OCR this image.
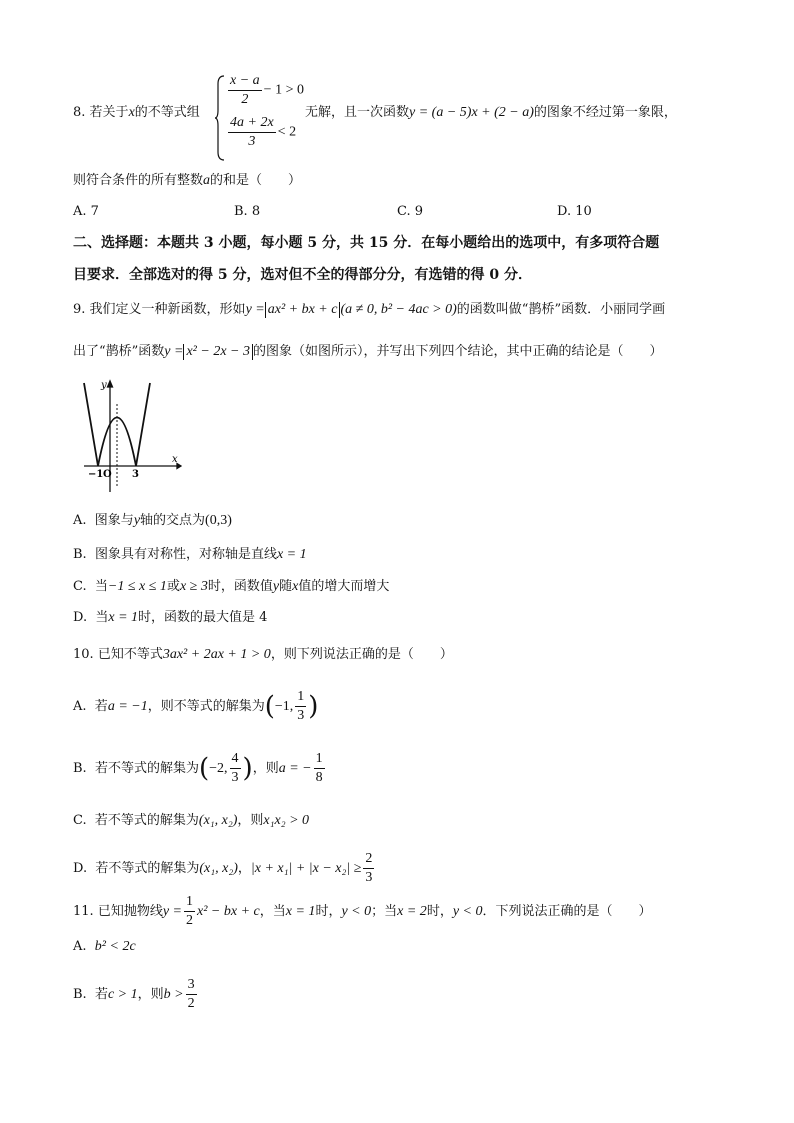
8. 若关于x的不等式组
$\frac{x - a}{2} - 1 > 0$
$\frac{4a + 2x}{3} < 2$
无解，且一次函数y = (a − 5)x + (2 − a)的图象不经过第一象限，
则符合条件的所有整数a的和是（　　）
A. 7	B. 8	C. 9	D. 10
二、选择题：本题共 3 小题，每小题 5 分，共 15 分．在每小题给出的选项中，有多项符合题
目要求．全部选对的得 5 分，选对但不全的得部分分，有选错的得 0 分．
9. 我们定义一种新函数，形如y = ax² + bx + c (a ≠ 0, b² − 4ac > 0)的函数叫做“鹊桥”函数．小丽同学画
出了“鹊桥”函数y = x² − 2x − 3 的图象（如图所示），并写出下列四个结论，其中正确的结论是（　　）
y
x
−1 O 3
A. 图象与y轴的交点为(0,3)
B. 图象具有对称性，对称轴是直线x = 1
C. 当−1 ≤ x ≤ 1或x ≥ 3时，函数值y随x值的增大而增大
D. 当x = 1时，函数的最大值是 4
10. 已知不等式3ax² + 2ax + 1 > 0，则下列说法正确的是（　　）
A. 若a = −1，则不等式的解集为(−1, $\frac{1}{3}$ )
B. 若不等式的解集为(−2, $\frac{4}{3}$ )，则a = − $\frac{1}{8}$
C. 若不等式的解集为(x₁, x₂)，则x₁x₂ > 0
D. 若不等式的解集为(x₁, x₂)，$|x + x_1| + |x - x_2| \ge \frac{2}{3}$
11. 已知抛物线$y = \frac{1}{2} x^2$ − bx + c，当x = 1时，y < 0；当x = 2时，y < 0．下列说法正确的是（　　）
A. b² < 2c
B. 若c > 1，则$b > \frac{3}{2}$
